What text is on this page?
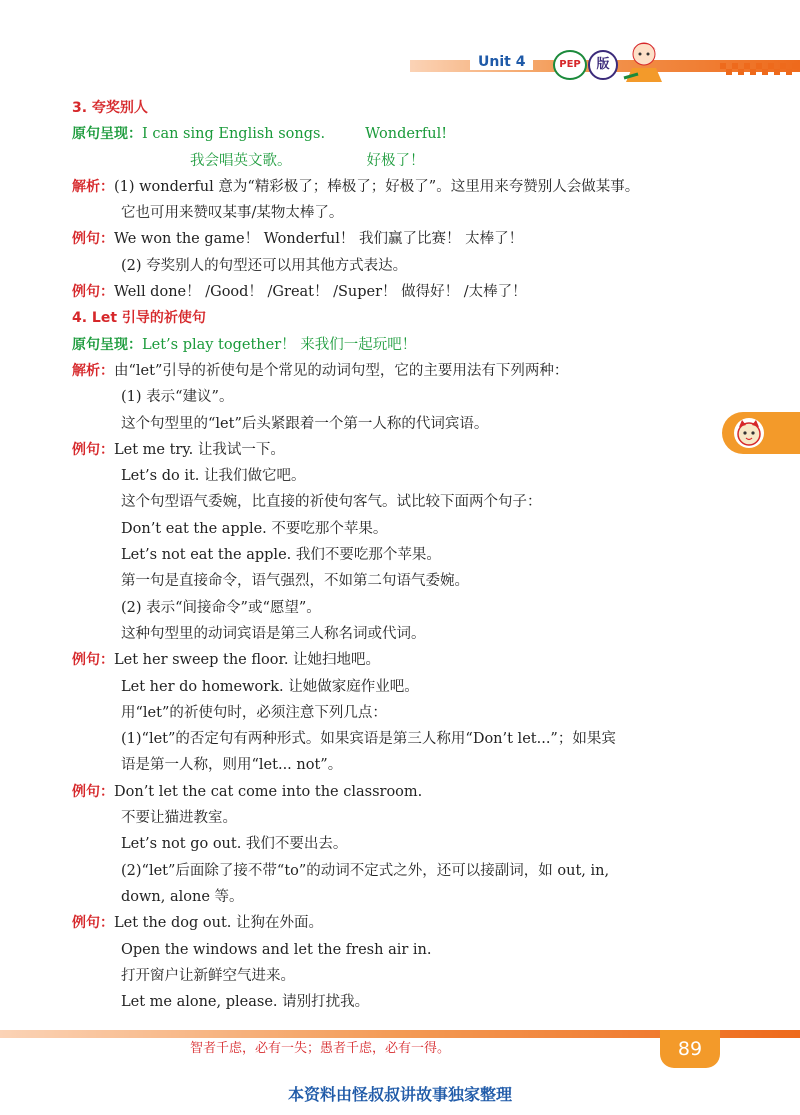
Unit 4	PEP	版
3. 夸奖别人
原句呈现：I can sing English songs.	Wonderful!
我会唱英文歌。	好极了！
解析：(1) wonderful 意为“精彩极了；棒极了；好极了”。这里用来夸赞别人会做某事。
它也可用来赞叹某事/某物太棒了。
例句：We won the game！ Wonderful！ 我们赢了比赛！ 太棒了！
(2) 夸奖别人的句型还可以用其他方式表达。
例句：Well done！ /Good！ /Great！ /Super！ 做得好！ /太棒了！
4. Let 引导的祈使句
原句呈现：Let’s play together！ 来我们一起玩吧！
解析：由“let”引导的祈使句是个常见的动词句型，它的主要用法有下列两种：
(1) 表示“建议”。
这个句型里的“let”后头紧跟着一个第一人称的代词宾语。
例句：Let me try. 让我试一下。
Let’s do it. 让我们做它吧。
这个句型语气委婉，比直接的祈使句客气。试比较下面两个句子：
Don’t eat the apple. 不要吃那个苹果。
Let’s not eat the apple. 我们不要吃那个苹果。
第一句是直接命令，语气强烈，不如第二句语气委婉。
(2) 表示“间接命令”或“愿望”。
这种句型里的动词宾语是第三人称名词或代词。
例句：Let her sweep the floor. 让她扫地吧。
Let her do homework. 让她做家庭作业吧。
用“let”的祈使句时，必须注意下列几点：
(1)“let”的否定句有两种形式。如果宾语是第三人称用“Don’t let...”；如果宾
语是第一人称，则用“let... not”。
例句：Don’t let the cat come into the classroom.
不要让猫进教室。
Let’s not go out. 我们不要出去。
(2)“let”后面除了接不带“to”的动词不定式之外，还可以接副词，如 out, in,
down, alone 等。
例句：Let the dog out. 让狗在外面。
Open the windows and let the fresh air in.
打开窗户让新鲜空气进来。
Let me alone, please. 请别打扰我。
智者千虑，必有一失；愚者千虑，必有一得。	89
本资料由怪叔叔讲故事独家整理
